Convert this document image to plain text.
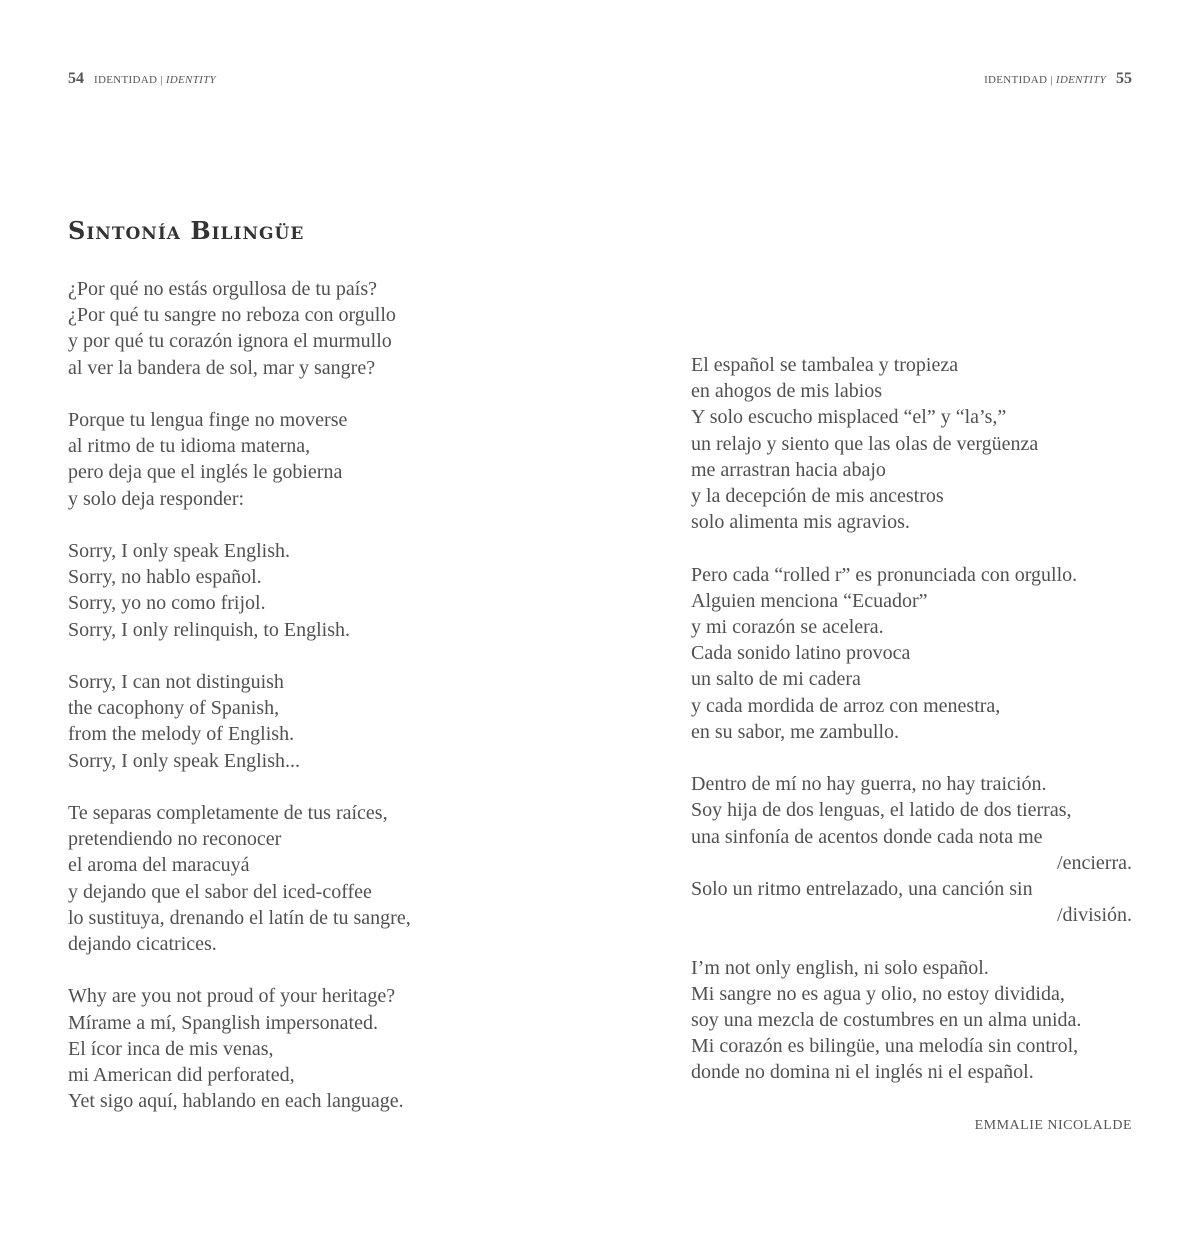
54 IDENTIDAD | IDENTITY	IDENTIDAD | IDENTITY 55
Sintonía Bilingüe
¿Por qué no estás orgullosa de tu país?
¿Por qué tu sangre no reboza con orgullo
y por qué tu corazón ignora el murmullo
al ver la bandera de sol, mar y sangre?
Porque tu lengua finge no moverse
al ritmo de tu idioma materna,
pero deja que el inglés le gobierna
y solo deja responder:
Sorry, I only speak English.
Sorry, no hablo español.
Sorry, yo no como frijol.
Sorry, I only relinquish, to English.
Sorry, I can not distinguish
the cacophony of Spanish,
from the melody of English.
Sorry, I only speak English...
Te separas completamente de tus raíces,
pretendiendo no reconocer
el aroma del maracuyá
y dejando que el sabor del iced-coffee
lo sustituya, drenando el latín de tu sangre,
dejando cicatrices.
Why are you not proud of your heritage?
Mírame a mí, Spanglish impersonated.
El ícor inca de mis venas,
mi American did perforated,
Yet sigo aquí, hablando en each language.
El español se tambalea y tropieza
en ahogos de mis labios
Y solo escucho misplaced “el” y “la’s,”
un relajo y siento que las olas de vergüenza
me arrastran hacia abajo
y la decepción de mis ancestros
solo alimenta mis agravios.
Pero cada “rolled r” es pronunciada con orgullo.
Alguien menciona “Ecuador”
y mi corazón se acelera.
Cada sonido latino provoca
un salto de mi cadera
y cada mordida de arroz con menestra,
en su sabor, me zambullo.
Dentro de mí no hay guerra, no hay traición.
Soy hija de dos lenguas, el latido de dos tierras,
una sinfonía de acentos donde cada nota me
/encierra.
Solo un ritmo entrelazado, una canción sin
/división.
I’m not only english, ni solo español.
Mi sangre no es agua y olio, no estoy dividida,
soy una mezcla de costumbres en un alma unida.
Mi corazón es bilingüe, una melodía sin control,
donde no domina ni el inglés ni el español.
EMMALIE NICOLALDE
